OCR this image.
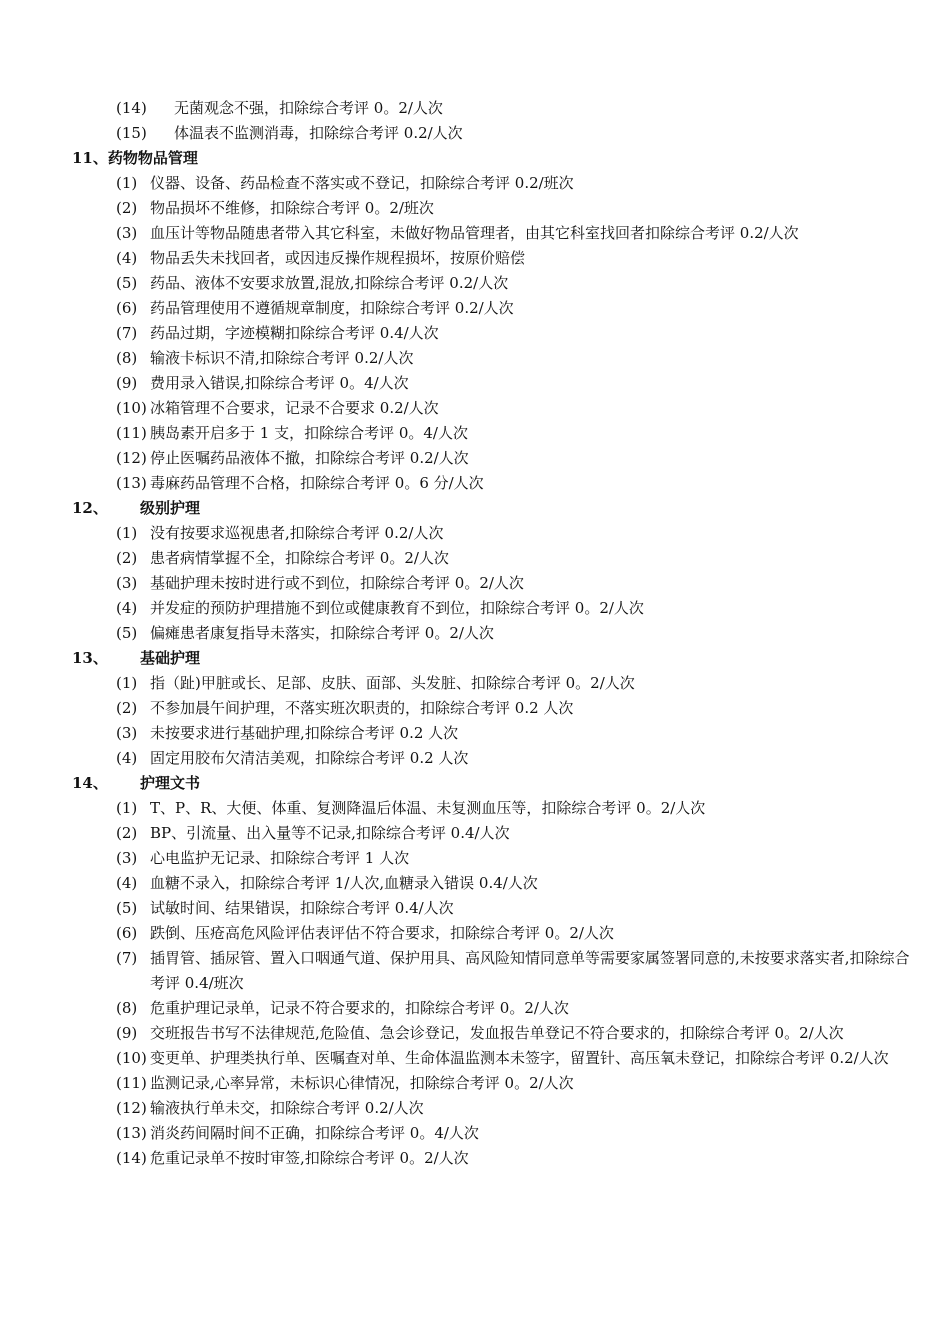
(14) 无菌观念不强，扣除综合考评 0。2/人次
(15) 体温表不监测消毒，扣除综合考评 0.2/人次
11、药物物品管理
(1) 仪器、设备、药品检查不落实或不登记，扣除综合考评 0.2/班次
(2) 物品损坏不维修，扣除综合考评 0。2/班次
(3) 血压计等物品随患者带入其它科室，未做好物品管理者，由其它科室找回者扣除综合考评 0.2/人次
(4) 物品丢失未找回者，或因违反操作规程损坏，按原价赔偿
(5) 药品、液体不安要求放置,混放,扣除综合考评 0.2/人次
(6) 药品管理使用不遵循规章制度，扣除综合考评 0.2/人次
(7) 药品过期，字迹模糊扣除综合考评 0.4/人次
(8) 输液卡标识不清,扣除综合考评 0.2/人次
(9) 费用录入错误,扣除综合考评 0。4/人次
(10) 冰箱管理不合要求，记录不合要求 0.2/人次
(11) 胰岛素开启多于 1 支，扣除综合考评 0。4/人次
(12) 停止医嘱药品液体不撤，扣除综合考评 0.2/人次
(13) 毒麻药品管理不合格，扣除综合考评 0。6 分/人次
12、 级别护理
(1) 没有按要求巡视患者,扣除综合考评 0.2/人次
(2) 患者病情掌握不全，扣除综合考评 0。2/人次
(3) 基础护理未按时进行或不到位，扣除综合考评 0。2/人次
(4) 并发症的预防护理措施不到位或健康教育不到位，扣除综合考评 0。2/人次
(5) 偏瘫患者康复指导未落实，扣除综合考评 0。2/人次
13、 基础护理
(1) 指（趾)甲脏或长、足部、皮肤、面部、头发脏、扣除综合考评 0。2/人次
(2) 不参加晨午间护理，不落实班次职责的，扣除综合考评 0.2 人次
(3) 未按要求进行基础护理,扣除综合考评 0.2 人次
(4) 固定用胶布欠清洁美观，扣除综合考评 0.2 人次
14、 护理文书
(1) T、P、R、大便、体重、复测降温后体温、未复测血压等，扣除综合考评 0。2/人次
(2) BP、引流量、出入量等不记录,扣除综合考评 0.4/人次
(3) 心电监护无记录、扣除综合考评 1 人次
(4) 血糖不录入，扣除综合考评 1/人次,血糖录入错误 0.4/人次
(5) 试敏时间、结果错误，扣除综合考评 0.4/人次
(6) 跌倒、压疮高危风险评估表评估不符合要求，扣除综合考评 0。2/人次
(7) 插胃管、插尿管、置入口咽通气道、保护用具、高风险知情同意单等需要家属签署同意的,未按要求落实者,扣除综合考评 0.4/班次
(8) 危重护理记录单，记录不符合要求的，扣除综合考评 0。2/人次
(9) 交班报告书写不法律规范,危险值、急会诊登记，发血报告单登记不符合要求的，扣除综合考评 0。2/人次
(10) 变更单、护理类执行单、医嘱查对单、生命体温监测本未签字，留置针、高压氧未登记，扣除综合考评 0.2/人次
(11) 监测记录,心率异常，未标识心律情况，扣除综合考评 0。2/人次
(12) 输液执行单未交，扣除综合考评 0.2/人次
(13) 消炎药间隔时间不正确，扣除综合考评 0。4/人次
(14) 危重记录单不按时审签,扣除综合考评 0。2/人次
